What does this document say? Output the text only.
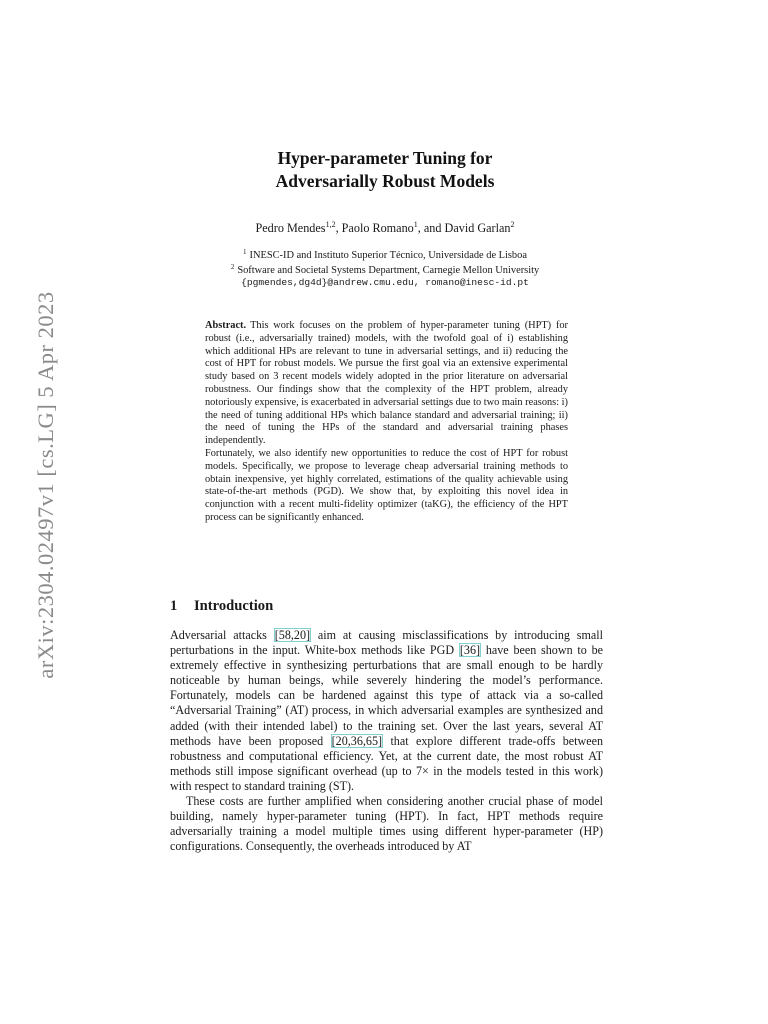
arXiv:2304.02497v1 [cs.LG] 5 Apr 2023
Hyper-parameter Tuning for
Adversarially Robust Models
Pedro Mendes$^{1,2}$, Paolo Romano$^1$, and David Garlan$^2$
$^1$ INESC-ID and Instituto Superior Técnico, Universidade de Lisboa
$^2$ Software and Societal Systems Department, Carnegie Mellon University
{pgmendes,dg4d}@andrew.cmu.edu, romano@inesc-id.pt

Abstract. This work focuses on the problem of hyper-parameter tuning (HPT) for robust (i.e., adversarially trained) models, with the twofold goal of i) establishing which additional HPs are relevant to tune in adversarial settings, and ii) reducing the cost of HPT for robust models. We pursue the first goal via an extensive experimental study based on 3 recent models widely adopted in the prior literature on adversarial robustness. Our findings show that the complexity of the HPT problem, already notoriously expensive, is exacerbated in adversarial settings due to two main reasons: i) the need of tuning additional HPs which balance standard and adversarial training; ii) the need of tuning the HPs of the standard and adversarial training phases independently.

Fortunately, we also identify new opportunities to reduce the cost of HPT for robust models. Specifically, we propose to leverage cheap adversarial training methods to obtain inexpensive, yet highly correlated, estimations of the quality achievable using state-of-the-art methods (PGD). We show that, by exploiting this novel idea in conjunction with a recent multi-fidelity optimizer (taKG), the efficiency of the HPT process can be significantly enhanced.

1 Introduction

Adversarial attacks [58,20] aim at causing misclassifications by introducing small perturbations in the input. White-box methods like PGD [36] have been shown to be extremely effective in synthesizing perturbations that are small enough to be hardly noticeable by human beings, while severely hindering the model’s performance. Fortunately, models can be hardened against this type of attack via a so-called “Adversarial Training” (AT) process, in which adversarial examples are synthesized and added (with their intended label) to the training set. Over the last years, several AT methods have been proposed [20,36,65] that explore different trade-offs between robustness and computational efficiency. Yet, at the current date, the most robust AT methods still impose significant overhead (up to 7× in the models tested in this work) with respect to standard training (ST).

These costs are further amplified when considering another crucial phase of model building, namely hyper-parameter tuning (HPT). In fact, HPT methods require adversarially training a model multiple times using different hyper-parameter (HP) configurations. Consequently, the overheads introduced by AT
